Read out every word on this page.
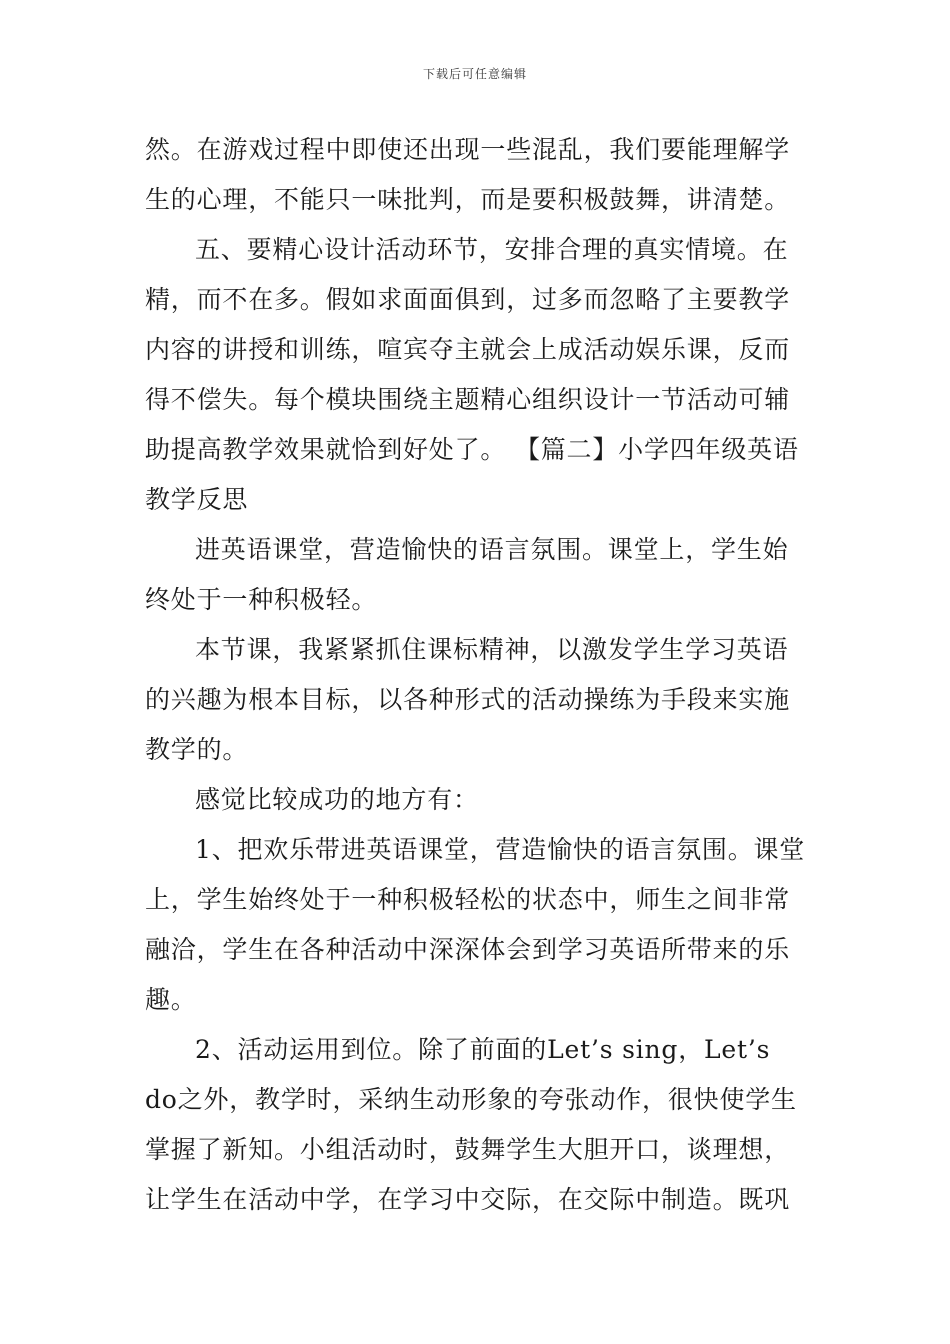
下载后可任意编辑
然。在游戏过程中即使还出现一些混乱，我们要能理解学
生的心理，不能只一味批判，而是要积极鼓舞，讲清楚。
五、要精心设计活动环节，安排合理的真实情境。在
精，而不在多。假如求面面俱到，过多而忽略了主要教学
内容的讲授和训练，喧宾夺主就会上成活动娱乐课，反而
得不偿失。每个模块围绕主题精心组织设计一节活动可辅
助提高教学效果就恰到好处了。 【篇二】小学四年级英语
教学反思
进英语课堂，营造愉快的语言氛围。课堂上，学生始
终处于一种积极轻。
本节课，我紧紧抓住课标精神，以激发学生学习英语
的兴趣为根本目标，以各种形式的活动操练为手段来实施
教学的。
感觉比较成功的地方有：
1、把欢乐带进英语课堂，营造愉快的语言氛围。课堂
上，学生始终处于一种积极轻松的状态中，师生之间非常
融洽，学生在各种活动中深深体会到学习英语所带来的乐
趣。
2、活动运用到位。除了前面的Let’s sing，Let’s
do之外，教学时，采纳生动形象的夸张动作，很快使学生
掌握了新知。小组活动时，鼓舞学生大胆开口，谈理想，
让学生在活动中学，在学习中交际，在交际中制造。既巩
